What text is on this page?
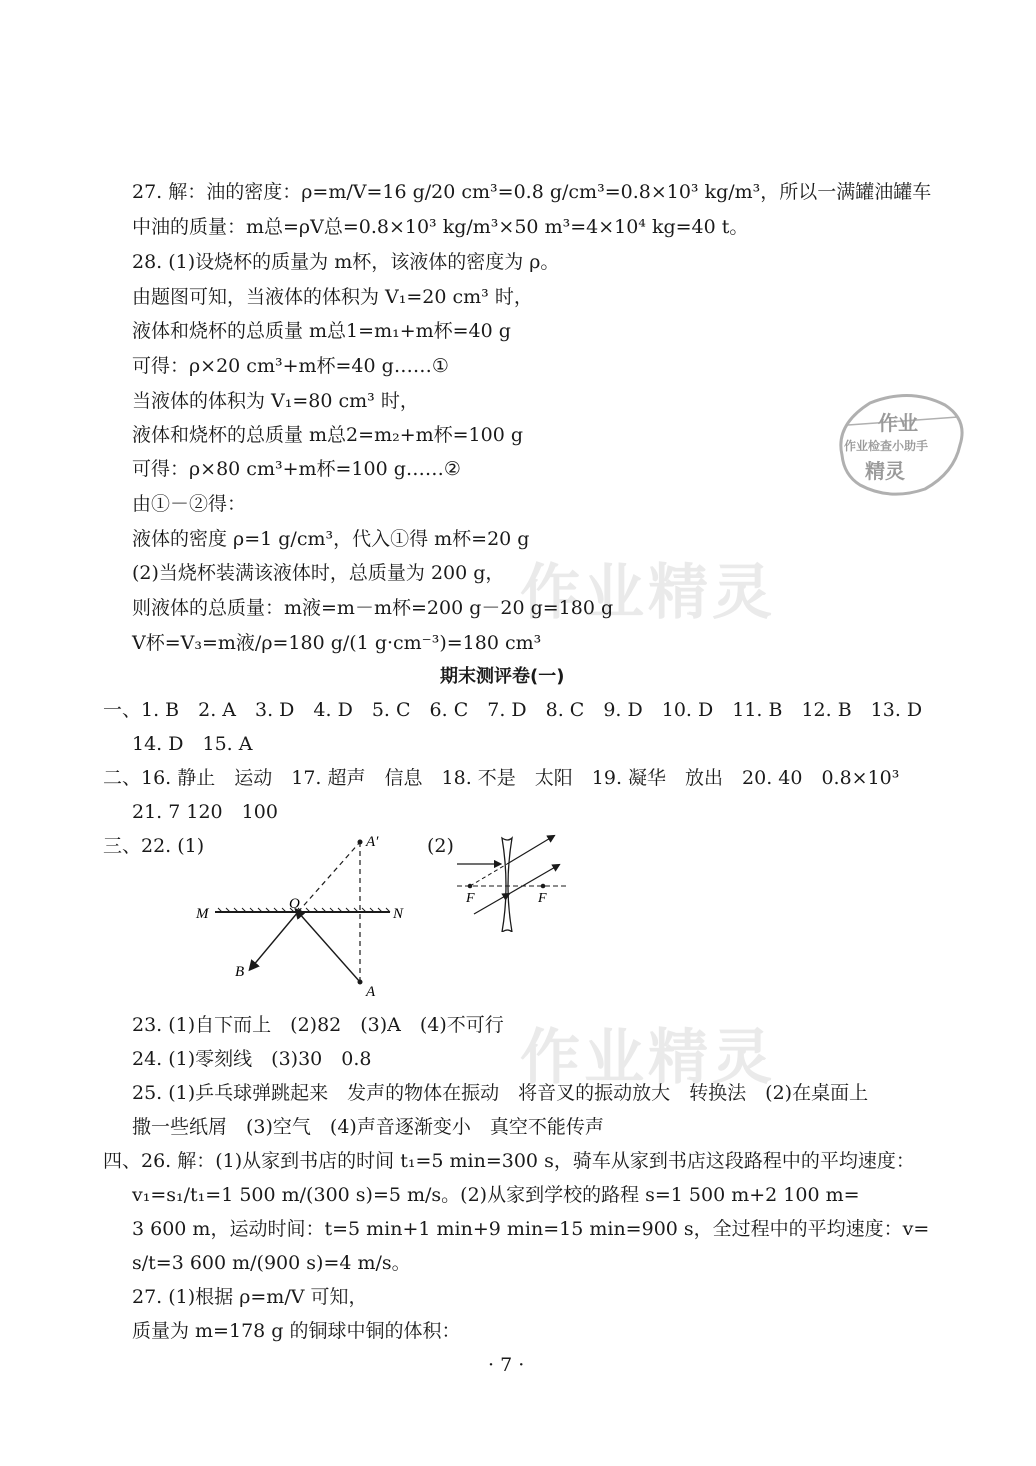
作业精灵
作业精灵
作业
作业检查小助手
精灵
27. 解：油的密度：ρ=m/V=16 g/20 cm³=0.8 g/cm³=0.8×10³ kg/m³，所以一满罐油罐车
中油的质量：m总=ρV总=0.8×10³ kg/m³×50 m³=4×10⁴ kg=40 t。
28. (1)设烧杯的质量为 m杯，该液体的密度为 ρ。
由题图可知，当液体的体积为 V₁=20 cm³ 时，
液体和烧杯的总质量 m总1=m₁+m杯=40 g
可得：ρ×20 cm³+m杯=40 g……①
当液体的体积为 V₁=80 cm³ 时，
液体和烧杯的总质量 m总2=m₂+m杯=100 g
可得：ρ×80 cm³+m杯=100 g……②
由①－②得：
液体的密度 ρ=1 g/cm³，代入①得 m杯=20 g
(2)当烧杯装满该液体时，总质量为 200 g，
则液体的总质量：m液=m－m杯=200 g－20 g=180 g
V杯=V₃=m液/ρ=180 g/(1 g·cm⁻³)=180 cm³
期末测评卷(一)
一、1. B　2. A　3. D　4. D　5. C　6. C　7. D　8. C　9. D　10. D　11. B　12. B　13. D
14. D　15. A
二、16. 静止　运动　17. 超声　信息　18. 不是　太阳　19. 凝华　放出　20. 40　0.8×10³
21. 7 120　100
三、22. (1)	(2)
M	N
O
A
A′
B
F	F
23. (1)自下而上　(2)82　(3)A　(4)不可行
24. (1)零刻线　(3)30　0.8
25. (1)乒乓球弹跳起来　发声的物体在振动　将音叉的振动放大　转换法　(2)在桌面上
撒一些纸屑　(3)空气　(4)声音逐渐变小　真空不能传声
四、26. 解：(1)从家到书店的时间 t₁=5 min=300 s，骑车从家到书店这段路程中的平均速度：
v₁=s₁/t₁=1 500 m/(300 s)=5 m/s。(2)从家到学校的路程 s=1 500 m+2 100 m=
3 600 m，运动时间：t=5 min+1 min+9 min=15 min=900 s，全过程中的平均速度：v=
s/t=3 600 m/(900 s)=4 m/s。
27. (1)根据 ρ=m/V 可知，
质量为 m=178 g 的铜球中铜的体积：
· 7 ·
